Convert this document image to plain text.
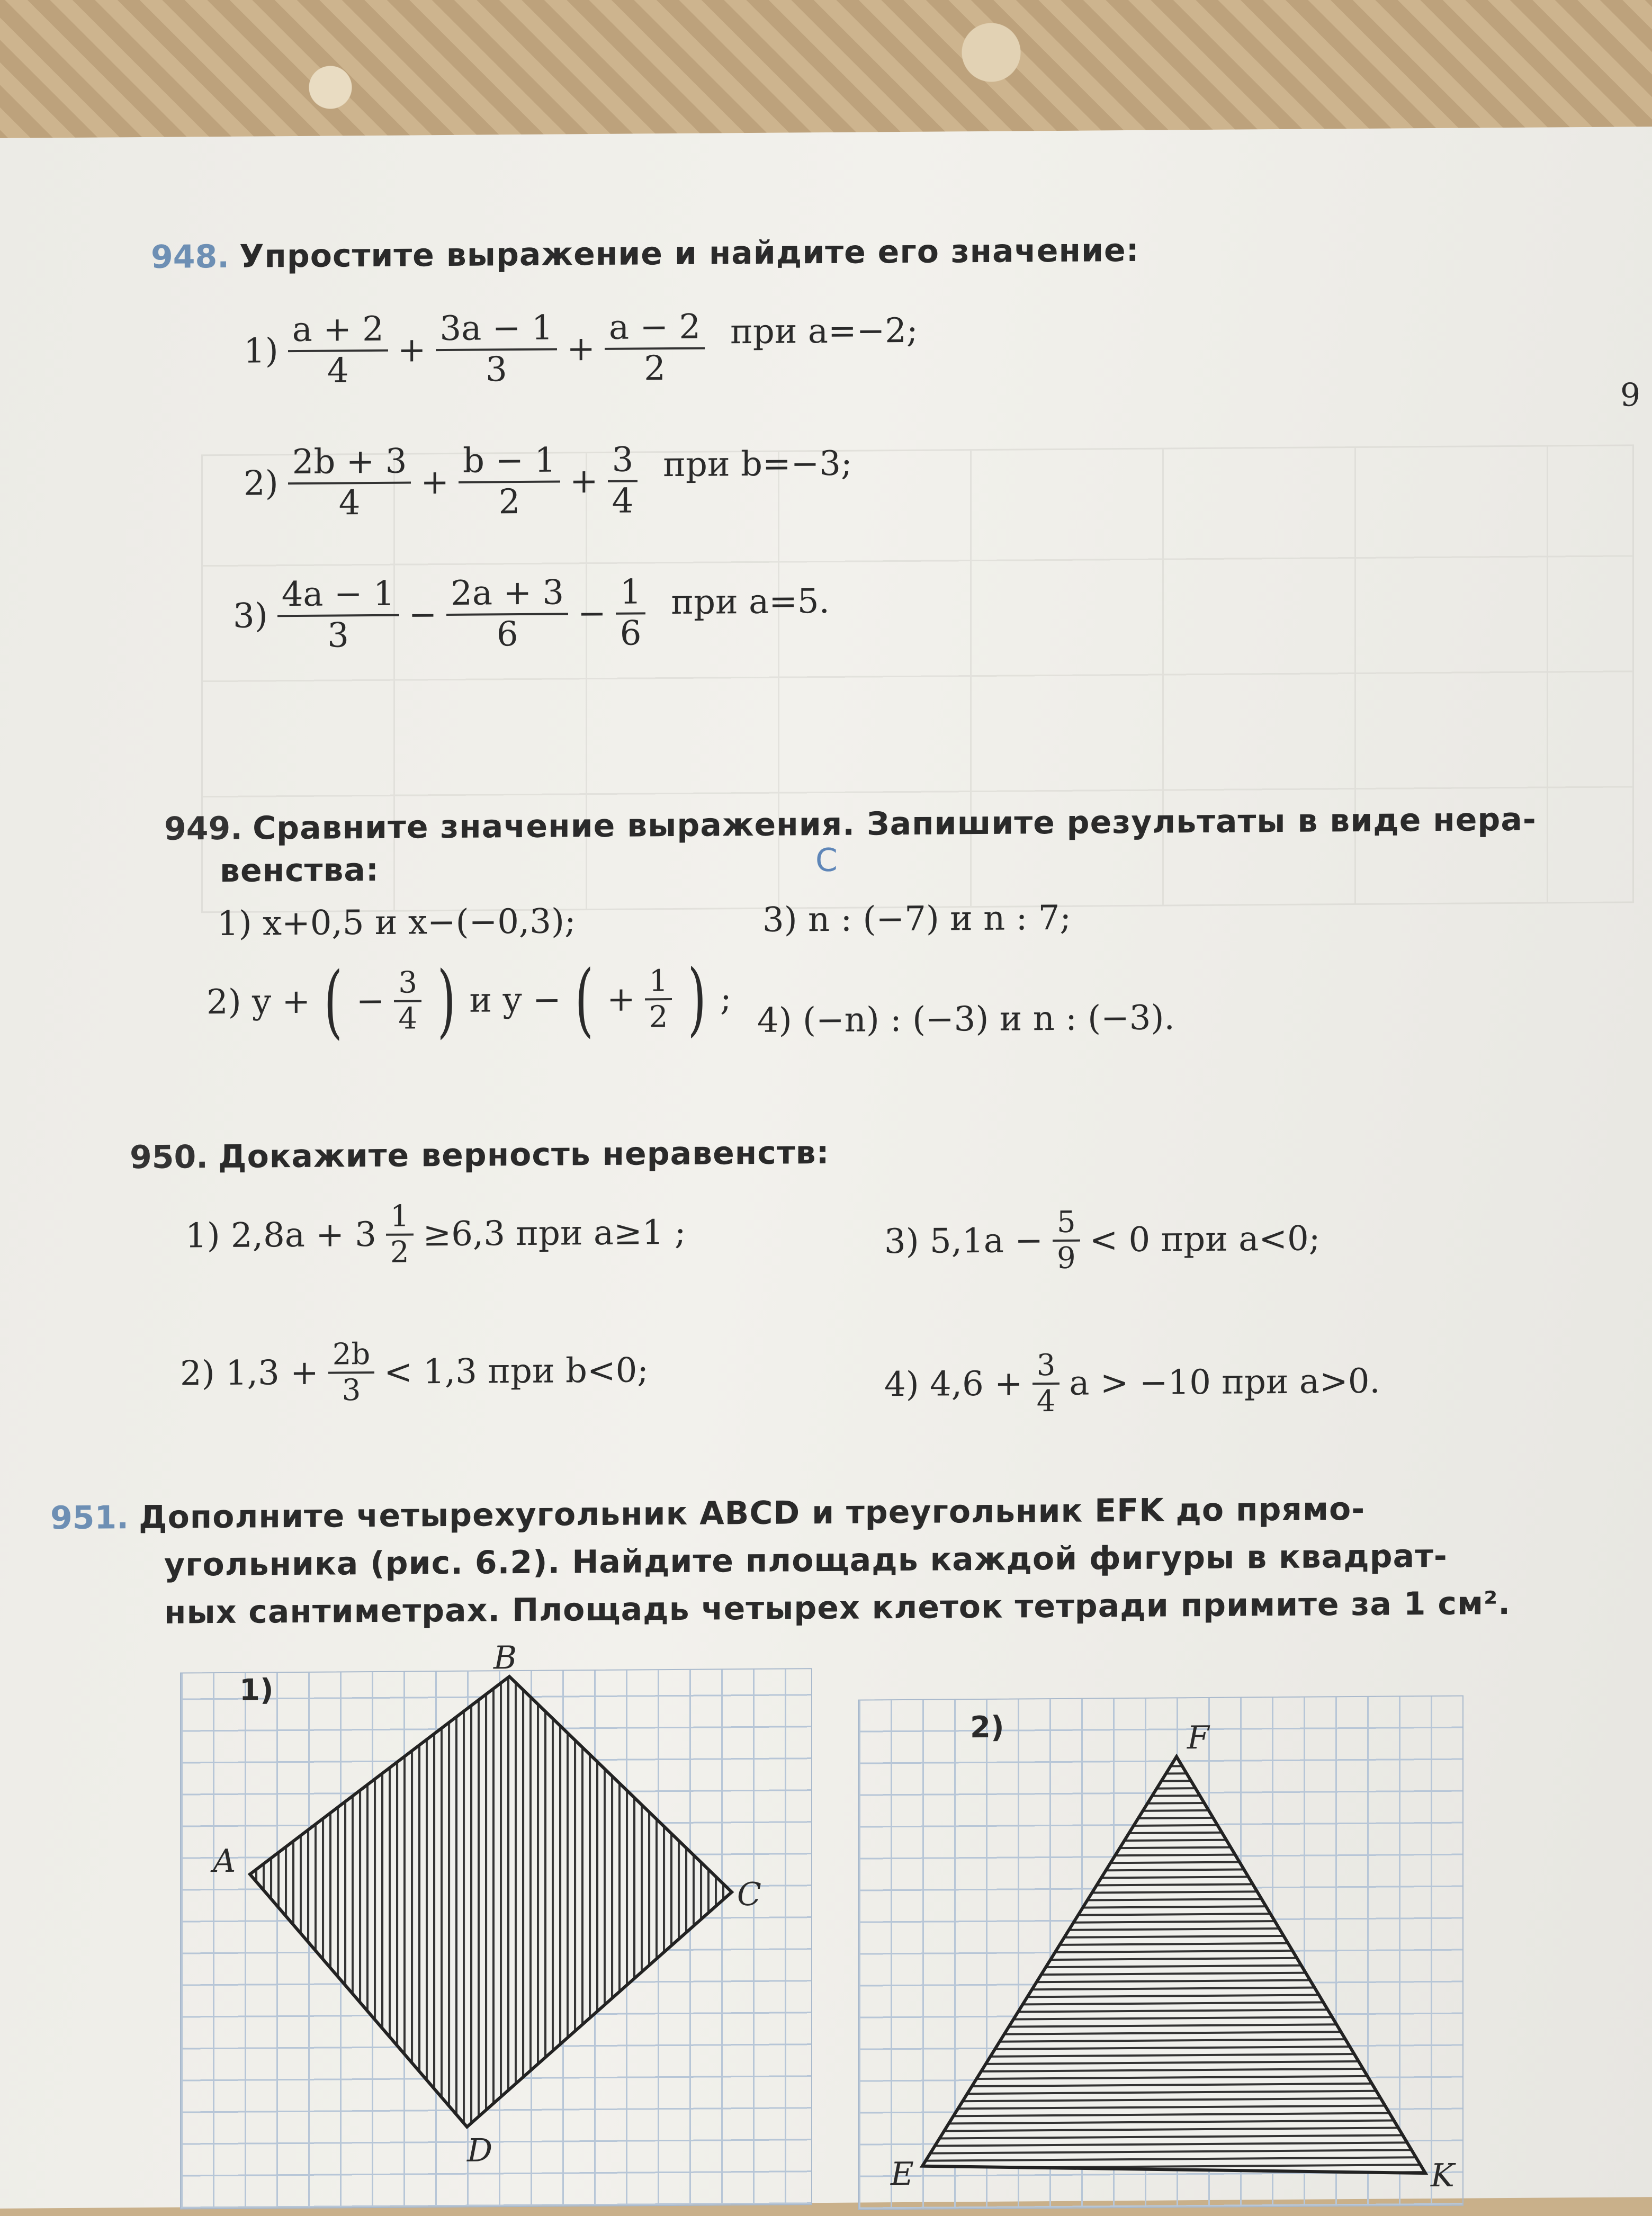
9
948. Упростите выражение и найдите его значение:
$1) \frac{a + 2}{4} + \frac{3a - 1}{3} + \frac{a - 2}{2}$ при a=−2;
$2) \frac{2b + 3}{4} + \frac{b - 1}{2} + \frac{3}{4}$ при b=−3;
$3) \frac{4a - 1}{3} - \frac{2a + 3}{6} - \frac{1}{6}$ при a=5.
C
949. Сравните значение выражения. Запишите результаты в виде нера-
венства:
1) x+0,5 и x−(−0,3);	3) n : (−7) и n : 7;
2) y + ( − $\frac{3}{4}$ ) и y − ( + $\frac{1}{2}$ ) ; 4) (−n) : (−3) и n : (−3).
950. Докажите верность неравенств:
1) $2,8a + 3 \frac{1}{2} \ge 6,3$ при a≥1 ;	3) $5,1a - \frac{5}{9} < 0$ при a<0;
2) $1,3 + \frac{2b}{3} < 1,3$ при b<0;	4) $4,6 + \frac{3}{4}$ a > −10 при a>0.
951. Дополните четырехугольник ABCD и треугольник EFK до прямо-
угольника (рис. 6.2). Найдите площадь каждой фигуры в квадрат-
ных сантиметрах. Площадь четырех клеток тетради примите за 1 см².
1)
A
B
C
D
2)	F
E	K
